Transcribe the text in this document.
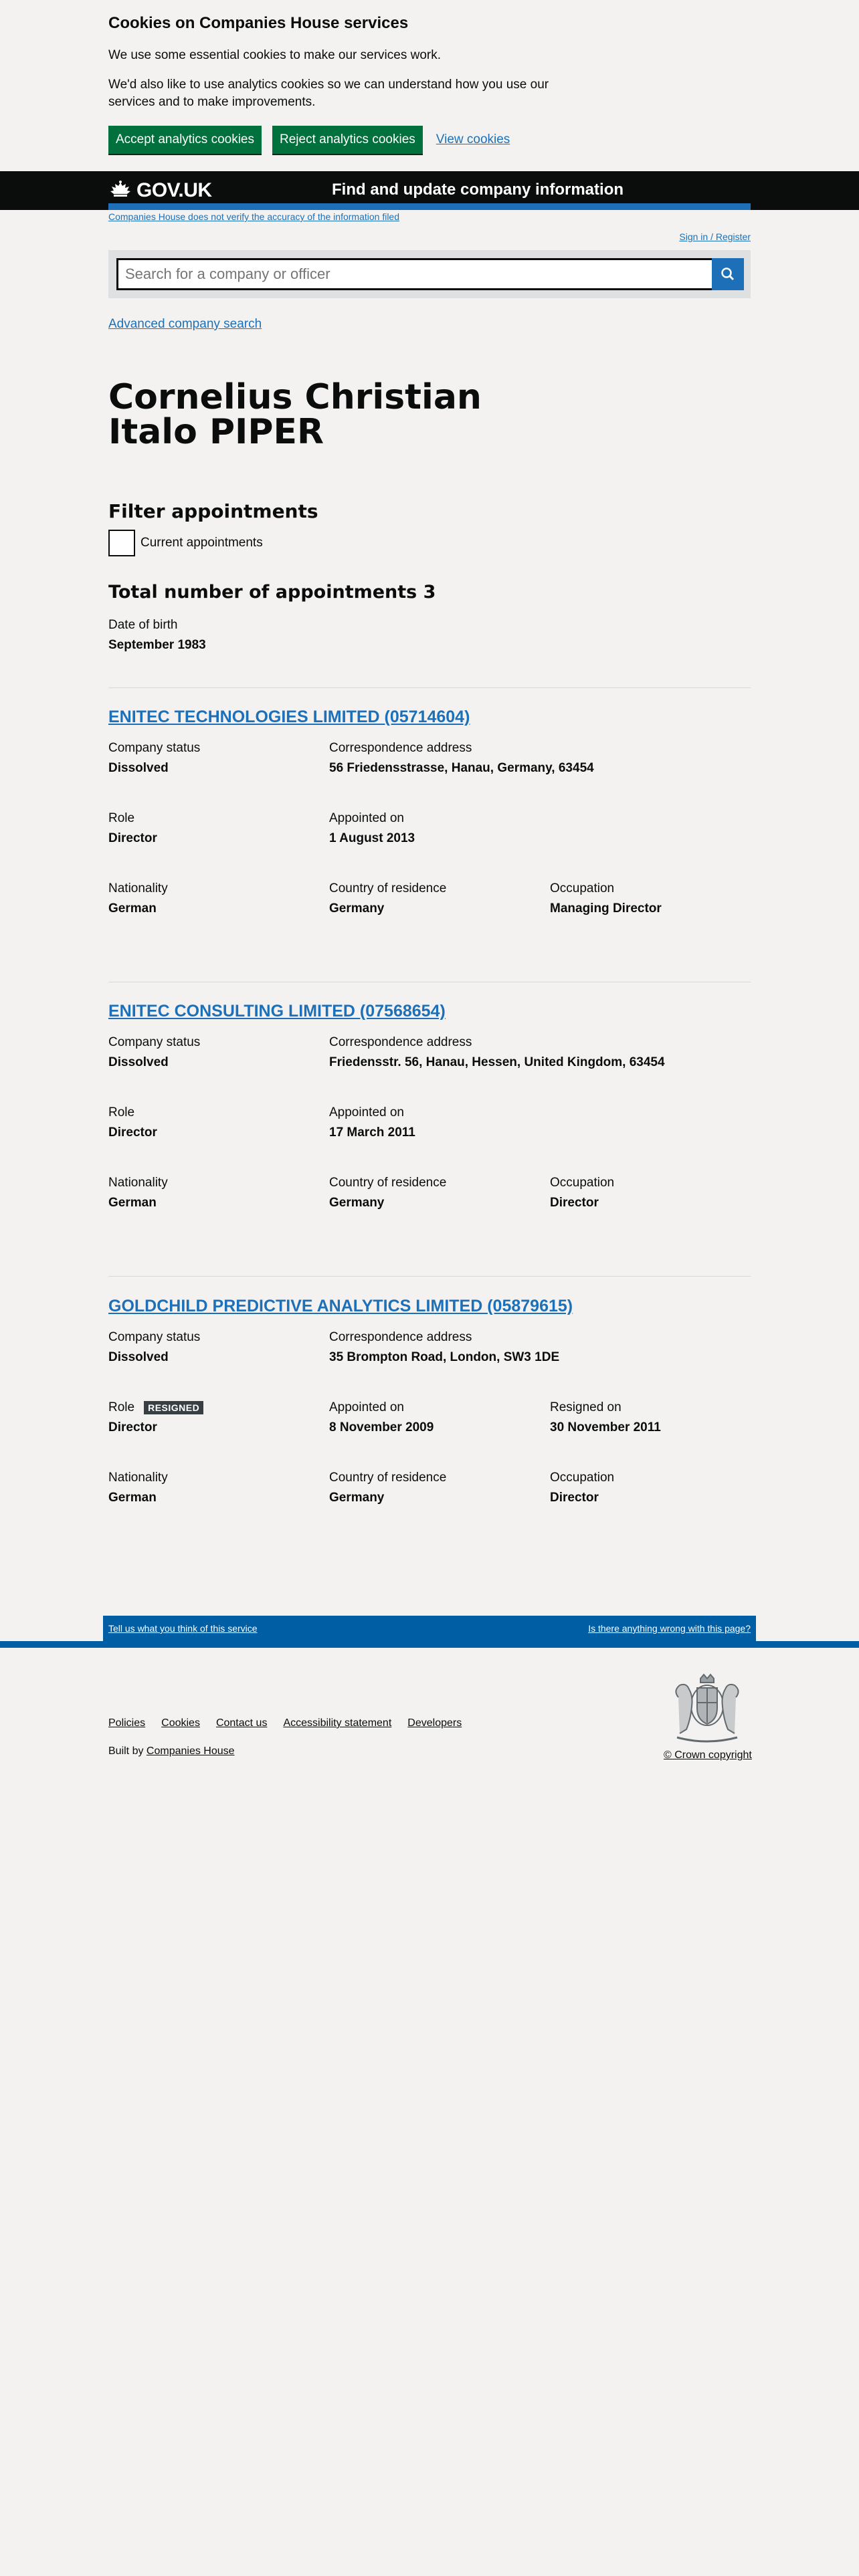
Cookies on Companies House services

We use some essential cookies to make our services work.

We'd also like to use analytics cookies so we can understand how you use our services and to make improvements.

Accept analytics cookies	Reject analytics cookies	View cookies
GOV.UK	Find and update company information
Companies House does not verify the accuracy of the information filed
Sign in / Register
Search for a company or officer
Advanced company search
Cornelius Christian Italo PIPER
Filter appointments
Current appointments
Total number of appointments 3
Date of birth
September 1983
ENITEC TECHNOLOGIES LIMITED (05714604)
Company status
Dissolved
Correspondence address
56 Friedensstrasse, Hanau, Germany, 63454
Role
Director
Appointed on
1 August 2013
Nationality
German
Country of residence
Germany
Occupation
Managing Director
ENITEC CONSULTING LIMITED (07568654)
Company status
Dissolved
Correspondence address
Friedensstr. 56, Hanau, Hessen, United Kingdom, 63454
Role
Director
Appointed on
17 March 2011
Nationality
German
Country of residence
Germany
Occupation
Director
GOLDCHILD PREDICTIVE ANALYTICS LIMITED (05879615)
Company status
Dissolved
Correspondence address
35 Brompton Road, London, SW3 1DE
Role	RESIGNED
Director
Appointed on
8 November 2009
Resigned on
30 November 2011
Nationality
German
Country of residence
Germany
Occupation
Director
Tell us what you think of this service	Is there anything wrong with this page?
Policies Cookies Contact us Accessibility statement Developers
Built by Companies House	© Crown copyright
